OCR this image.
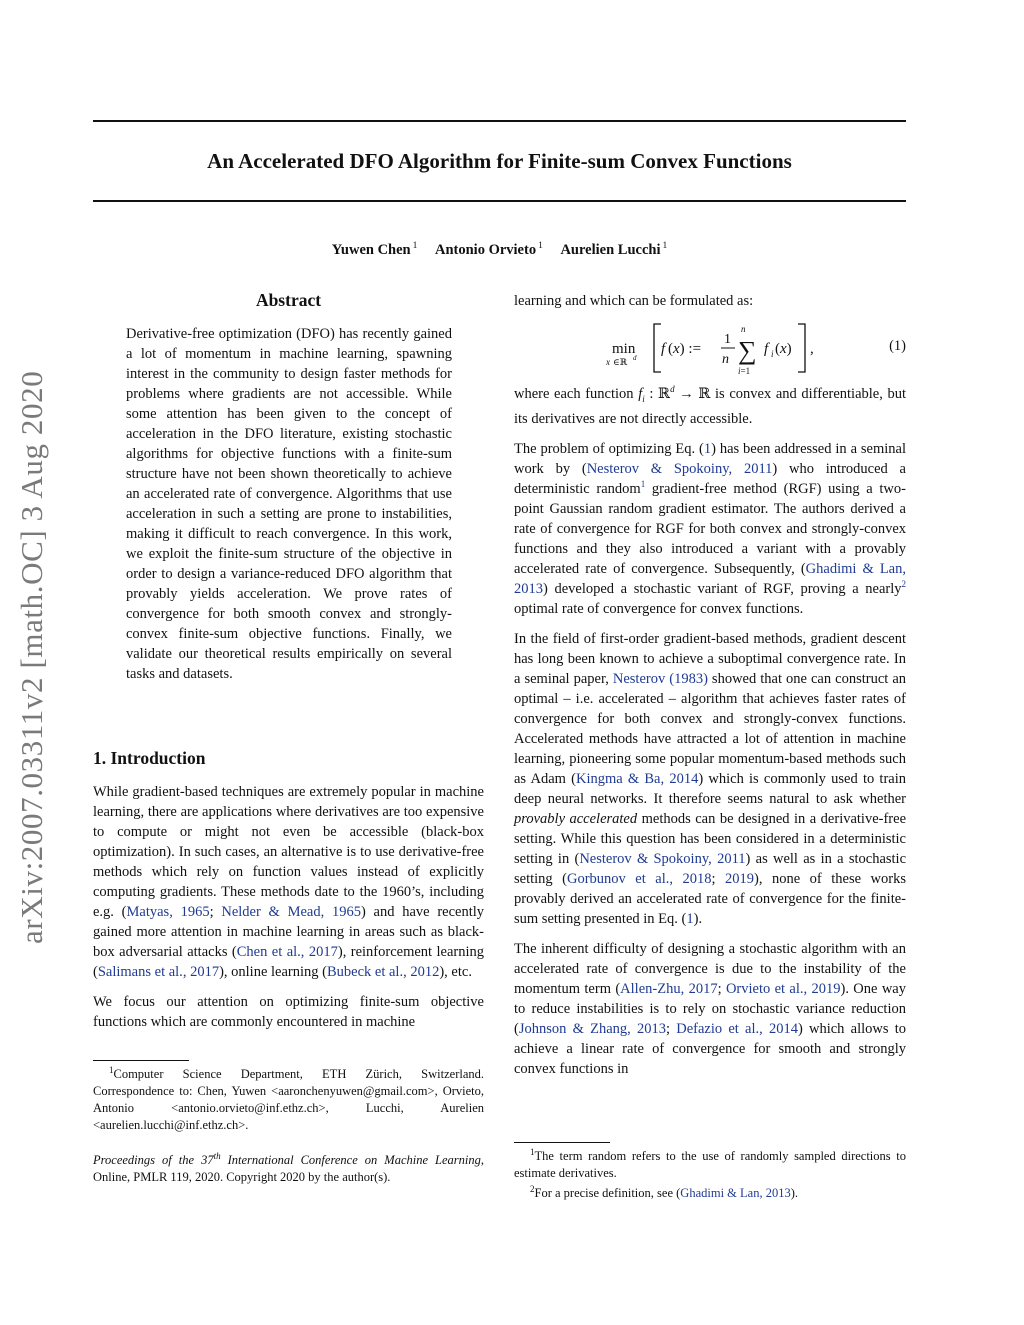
An Accelerated DFO Algorithm for Finite-sum Convex Functions
Yuwen Chen $^1$ Antonio Orvieto $^1$ Aurelien Lucchi $^1$
arXiv:2007.03311v2 [math.OC] 3 Aug 2020
Abstract

Derivative-free optimization (DFO) has recently gained a lot of momentum in machine learning, spawning interest in the community to design faster methods for problems where gradients are not accessible. While some attention has been given to the concept of acceleration in the DFO literature, existing stochastic algorithms for objective functions with a finite-sum structure have not been shown theoretically to achieve an accelerated rate of convergence. Algorithms that use acceleration in such a setting are prone to instabilities, making it difficult to reach convergence. In this work, we exploit the finite-sum structure of the objective in order to design a variance-reduced DFO algorithm that provably yields acceleration. We prove rates of convergence for both smooth convex and strongly-convex finite-sum objective functions. Finally, we validate our theoretical results empirically on several tasks and datasets.

1. Introduction

While gradient-based techniques are extremely popular in machine learning, there are applications where derivatives are too expensive to compute or might not even be accessible (black-box optimization). In such cases, an alternative is to use derivative-free methods which rely on function values instead of explicitly computing gradients. These methods date to the 1960’s, including e.g. (Matyas, 1965; Nelder & Mead, 1965) and have recently gained more attention in machine learning in areas such as black-box adversarial attacks (Chen et al., 2017), reinforcement learning (Salimans et al., 2017), online learning (Bubeck et al., 2012), etc.

We focus our attention on optimizing finite-sum objective functions which are commonly encountered in machine

$^1$Computer Science Department, ETH Zürich, Switzerland. Correspondence to: Chen, Yuwen <aaronchenyuwen@gmail.com>, Orvieto, Antonio <antonio.orvieto@inf.ethz.ch>, Lucchi, Aurelien <aurelien.lucchi@inf.ethz.ch>.

Proceedings of the 37th International Conference on Machine Learning, Online, PMLR 119, 2020. Copyright 2020 by the author(s).

learning and which can be formulated as:

min
x ∈ℝ d
f (x) :=
1
n
n
∑
i=1
f i (x) ,	(1)

where each function $f_i$ : ℝ$^d$ → ℝ is convex and differentiable, but its derivatives are not directly accessible.

The problem of optimizing Eq. (1) has been addressed in a seminal work by (Nesterov & Spokoiny, 2011) who introduced a deterministic random$^1$ gradient-free method (RGF) using a two-point Gaussian random gradient estimator. The authors derived a rate of convergence for RGF for both convex and strongly-convex functions and they also introduced a variant with a provably accelerated rate of convergence. Subsequently, (Ghadimi & Lan, 2013) developed a stochastic variant of RGF, proving a nearly$^2$ optimal rate of convergence for convex functions.

In the field of first-order gradient-based methods, gradient descent has long been known to achieve a suboptimal convergence rate. In a seminal paper, Nesterov (1983) showed that one can construct an optimal – i.e. accelerated – algorithm that achieves faster rates of convergence for both convex and strongly-convex functions. Accelerated methods have attracted a lot of attention in machine learning, pioneering some popular momentum-based methods such as Adam (Kingma & Ba, 2014) which is commonly used to train deep neural networks. It therefore seems natural to ask whether provably accelerated methods can be designed in a derivative-free setting. While this question has been considered in a deterministic setting in (Nesterov & Spokoiny, 2011) as well as in a stochastic setting (Gorbunov et al., 2018; 2019), none of these works provably derived an accelerated rate of convergence for the finite-sum setting presented in Eq. (1).

The inherent difficulty of designing a stochastic algorithm with an accelerated rate of convergence is due to the instability of the momentum term (Allen-Zhu, 2017; Orvieto et al., 2019). One way to reduce instabilities is to rely on stochastic variance reduction (Johnson & Zhang, 2013; Defazio et al., 2014) which allows to achieve a linear rate of convergence for smooth and strongly convex functions in

$^1$The term random refers to the use of randomly sampled directions to estimate derivatives.

$^2$For a precise definition, see (Ghadimi & Lan, 2013).
